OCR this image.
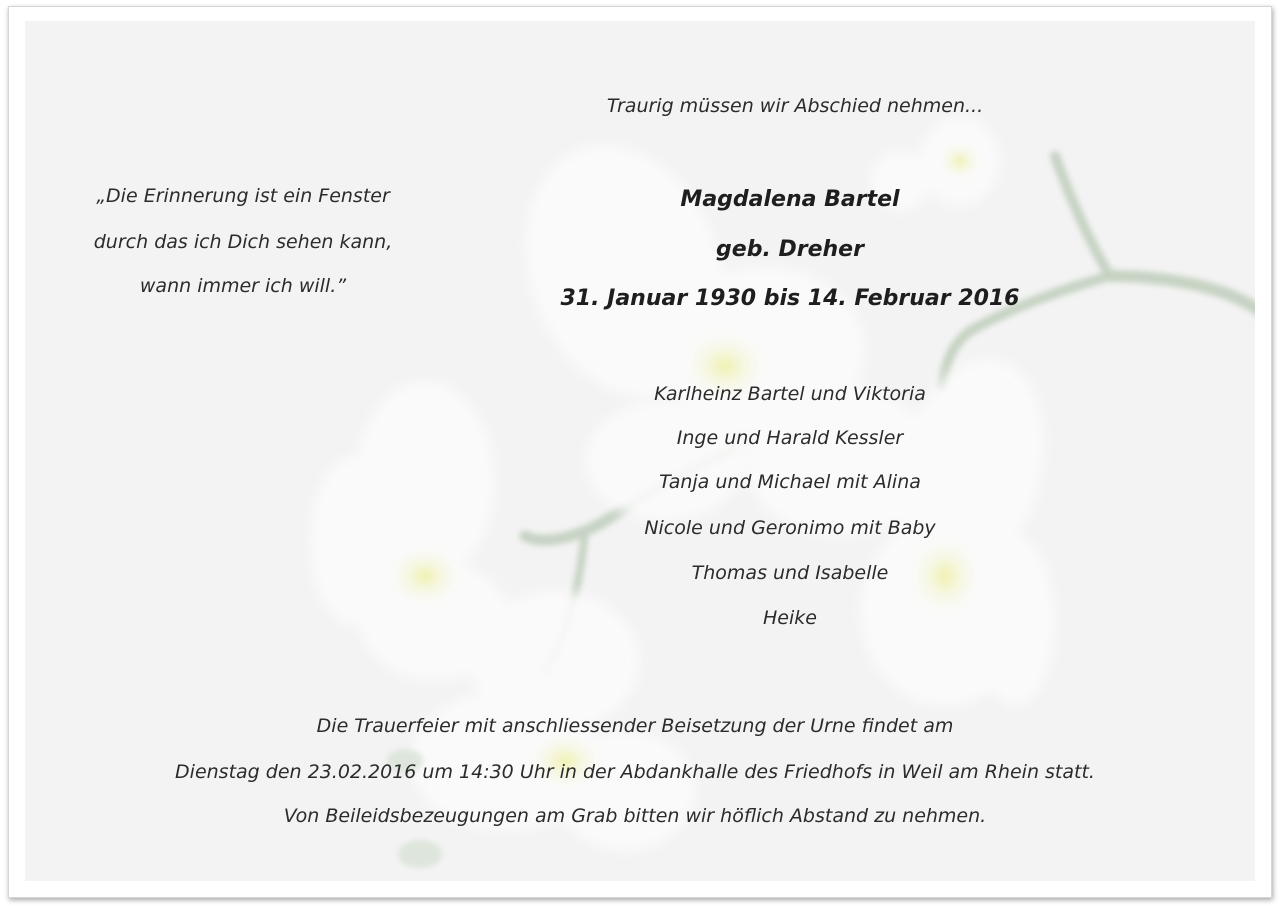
„Die Erinnerung ist ein Fenster
durch das ich Dich sehen kann,
wann immer ich will.”
Traurig müssen wir Abschied nehmen...
Magdalena Bartel
geb. Dreher
31. Januar 1930 bis 14. Februar 2016
Karlheinz Bartel und Viktoria
Inge und Harald Kessler
Tanja und Michael mit Alina
Nicole und Geronimo mit Baby
Thomas und Isabelle
Heike
Die Trauerfeier mit anschliessender Beisetzung der Urne findet am
Dienstag den 23.02.2016 um 14:30 Uhr in der Abdankhalle des Friedhofs in Weil am Rhein statt.
Von Beileidsbezeugungen am Grab bitten wir höflich Abstand zu nehmen.
